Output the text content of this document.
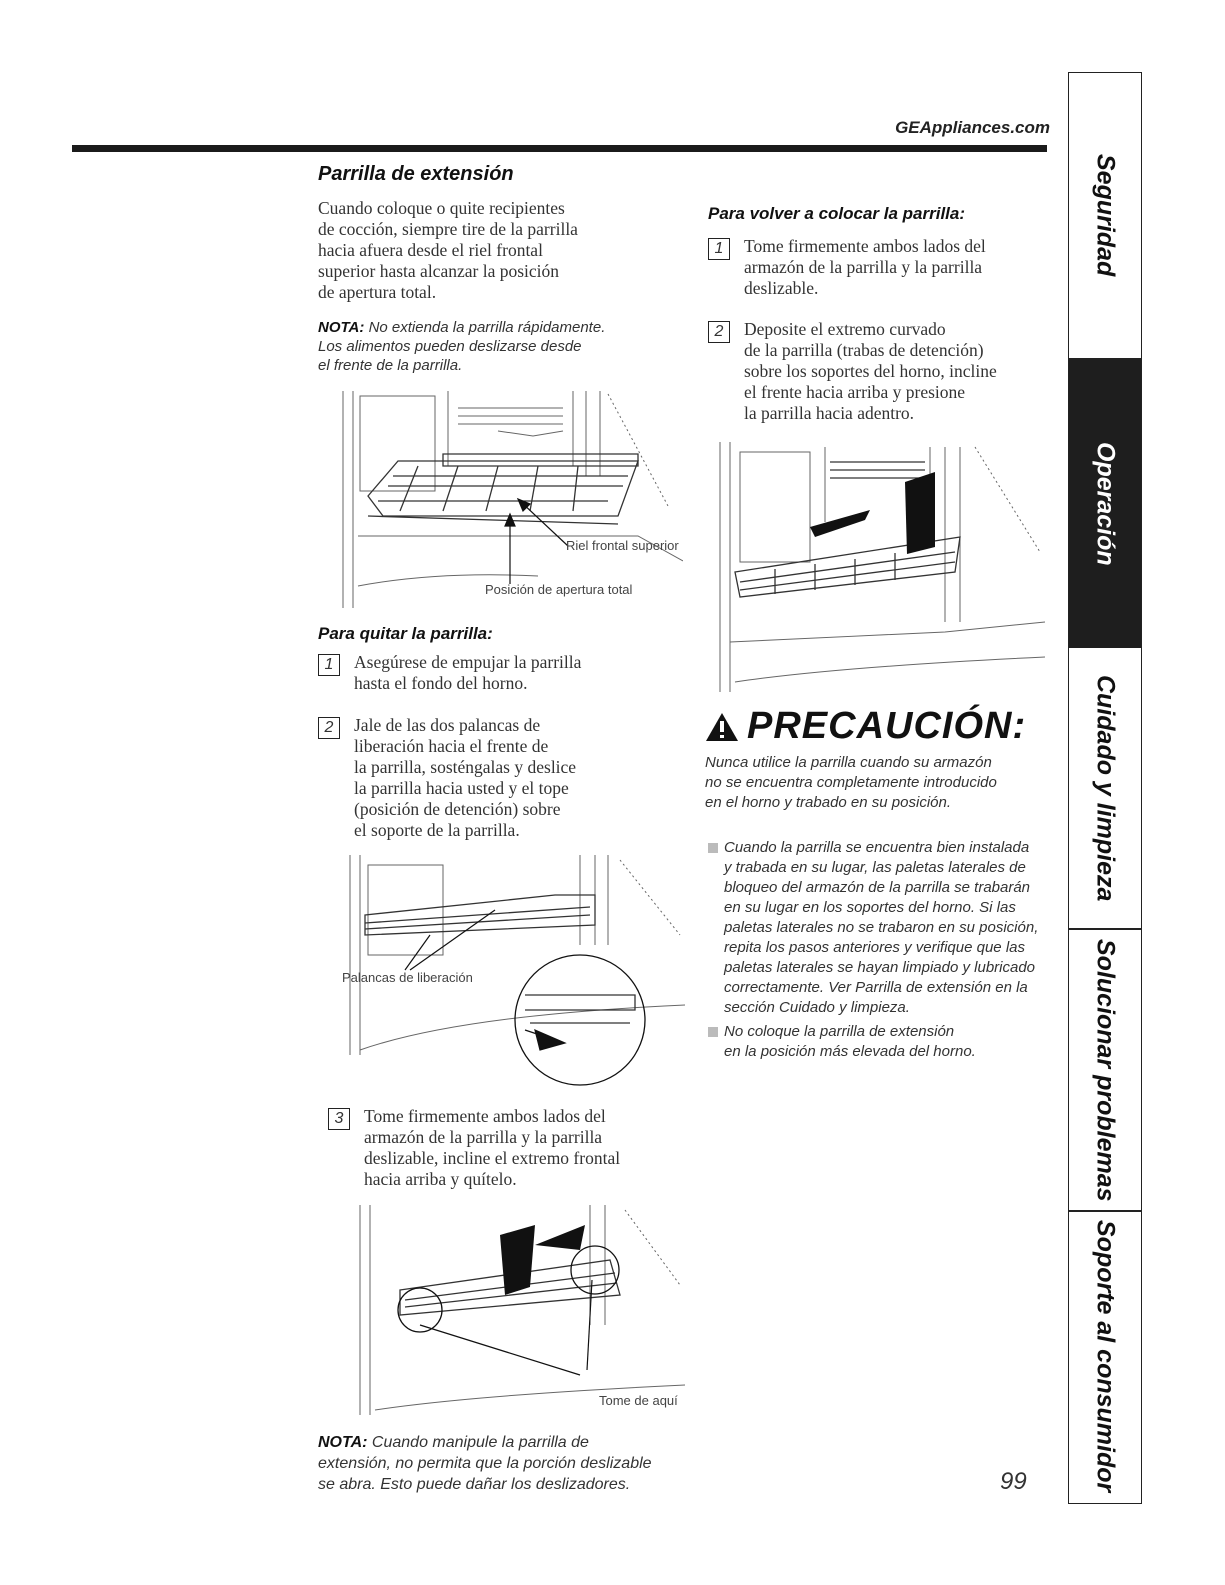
GEAppliances.com
Parrilla de extensión
Cuando coloque o quite recipientes
de cocción, siempre tire de la parrilla
hacia afuera desde el riel frontal
superior hasta alcanzar la posición
de apertura total.
NOTA: No extienda la parrilla rápidamente.
Los alimentos pueden deslizarse desde
el frente de la parrilla.
Riel frontal superior
Posición de apertura total
Para quitar la parrilla:
1	Asegúrese de empujar la parrilla
hasta el fondo del horno.
2	Jale de las dos palancas de
liberación hacia el frente de
la parrilla, sosténgalas y deslice
la parrilla hacia usted y el tope
(posición de detención) sobre
el soporte de la parrilla.
Palancas de liberación
3	Tome firmemente ambos lados del
armazón de la parrilla y la parrilla
deslizable, incline el extremo frontal
hacia arriba y quítelo.
Tome de aquí
NOTA: Cuando manipule la parrilla de
extensión, no permita que la porción deslizable
se abra. Esto puede dañar los deslizadores.
Para volver a colocar la parrilla:
1	Tome firmemente ambos lados del
armazón de la parrilla y la parrilla
deslizable.
2	Deposite el extremo curvado
de la parrilla (trabas de detención)
sobre los soportes del horno, incline
el frente hacia arriba y presione
la parrilla hacia adentro.
PRECAUCIÓN:
Nunca utilice la parrilla cuando su armazón
no se encuentra completamente introducido
en el horno y trabado en su posición.
Cuando la parrilla se encuentra bien instalada
y trabada en su lugar, las paletas laterales de
bloqueo del armazón de la parrilla se trabarán
en su lugar en los soportes del horno. Si las
paletas laterales no se trabaron en su posición,
repita los pasos anteriores y verifique que las
paletas laterales se hayan limpiado y lubricado
correctamente. Ver Parrilla de extensión en la
sección Cuidado y limpieza.
No coloque la parrilla de extensión
en la posición más elevada del horno.
99
Seguridad
Operación
Cuidado y limpieza
Solucionar problemas
Soporte al consumidor
